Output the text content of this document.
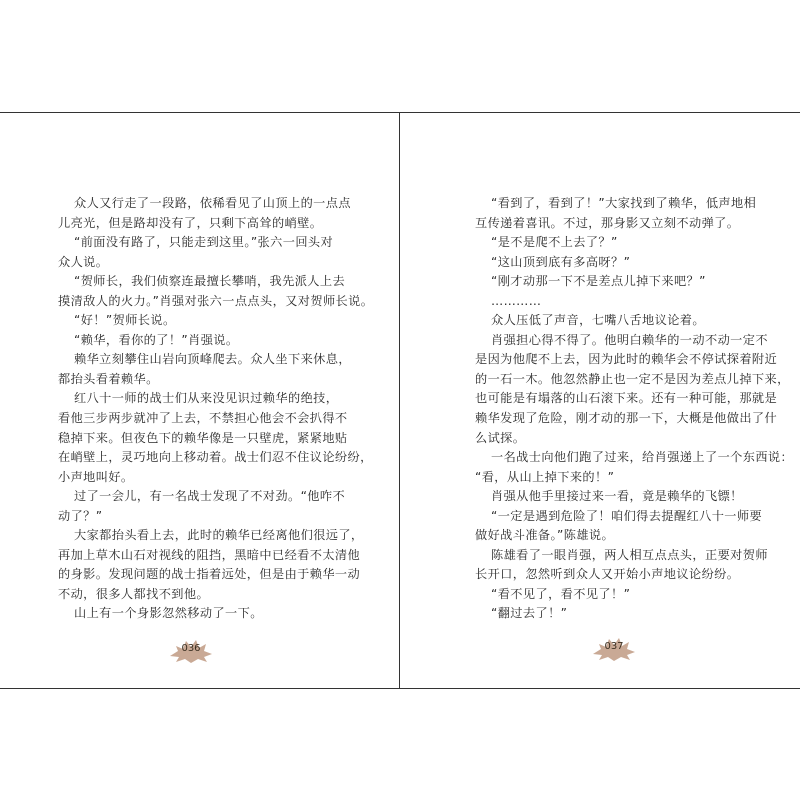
众人又行走了一段路，依稀看见了山顶上的一点点
儿亮光，但是路却没有了，只剩下高耸的峭壁。
“前面没有路了，只能走到这里。”张六一回头对
众人说。
“贺师长，我们侦察连最擅长攀哨，我先派人上去
摸清敌人的火力。”肖强对张六一点点头，又对贺师长说。
“好！”贺师长说。
“赖华，看你的了！”肖强说。
赖华立刻攀住山岩向顶峰爬去。众人坐下来休息，
都抬头看着赖华。
红八十一师的战士们从来没见识过赖华的绝技，
看他三步两步就冲了上去，不禁担心他会不会扒得不
稳掉下来。但夜色下的赖华像是一只壁虎，紧紧地贴
在峭壁上，灵巧地向上移动着。战士们忍不住议论纷纷，
小声地叫好。
过了一会儿，有一名战士发现了不对劲。“他咋不
动了？”
大家都抬头看上去，此时的赖华已经离他们很远了，
再加上草木山石对视线的阻挡，黑暗中已经看不太清他
的身影。发现问题的战士指着远处，但是由于赖华一动
不动，很多人都找不到他。
山上有一个身影忽然移动了一下。
“看到了，看到了！”大家找到了赖华，低声地相
互传递着喜讯。不过，那身影又立刻不动弹了。
“是不是爬不上去了？”
“这山顶到底有多高呀？”
“刚才动那一下不是差点儿掉下来吧？”
…………
众人压低了声音，七嘴八舌地议论着。
肖强担心得不得了。他明白赖华的一动不动一定不
是因为他爬不上去，因为此时的赖华会不停试探着附近
的一石一木。他忽然静止也一定不是因为差点儿掉下来，
也可能是有塌落的山石滚下来。还有一种可能，那就是
赖华发现了危险，刚才动的那一下，大概是他做出了什
么试探。
一名战士向他们跑了过来，给肖强递上了一个东西说：
“看，从山上掉下来的！”
肖强从他手里接过来一看，竟是赖华的飞镖！
“一定是遇到危险了！咱们得去提醒红八十一师要
做好战斗准备。”陈雄说。
陈雄看了一眼肖强，两人相互点点头，正要对贺师
长开口，忽然听到众人又开始小声地议论纷纷。
“看不见了，看不见了！”
“翻过去了！”
036	037
